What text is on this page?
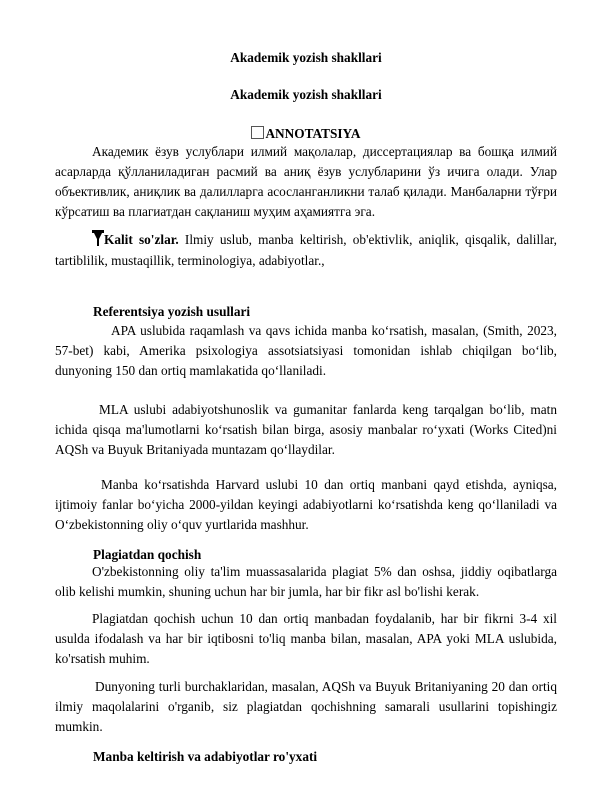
Akademik yozish shakllari
Akademik yozish shakllari
ANNOTATSIYA
Академик ёзув услублари илмий мақолалар, диссертациялар ва бошқа илмий асарларда қўлланиладиган расмий ва аниқ ёзув услубларини ўз ичига олади. Улар объективлик, аниқлик ва далилларга асосланганликни талаб қилади. Манбаларни тўғри кўрсатиш ва плагиатдан сақланиш муҳим аҳамиятга эга.
Kalit so'zlar. Ilmiy uslub, manba keltirish, ob'ektivlik, aniqlik, qisqalik, dalillar, tartiblilik, mustaqillik, terminologiya, adabiyotlar.,
Referentsiya yozish usullari
APA uslubida raqamlash va qavs ichida manba koʻrsatish, masalan, (Smith, 2023, 57-bet) kabi, Amerika psixologiya assotsiatsiyasi tomonidan ishlab chiqilgan boʻlib, dunyoning 150 dan ortiq mamlakatida qoʻllaniladi.
MLA uslubi adabiyotshunoslik va gumanitar fanlarda keng tarqalgan boʻlib, matn ichida qisqa ma'lumotlarni koʻrsatish bilan birga, asosiy manbalar roʻyxati (Works Cited)ni AQSh va Buyuk Britaniyada muntazam qoʻllaydilar.
Manba koʻrsatishda Harvard uslubi 10 dan ortiq manbani qayd etishda, ayniqsa, ijtimoiy fanlar boʻyicha 2000-yildan keyingi adabiyotlarni koʻrsatishda keng qoʻllaniladi va Oʻzbekistonning oliy oʻquv yurtlarida mashhur.
Plagiatdan qochish
O'zbekistonning oliy ta'lim muassasalarida plagiat 5% dan oshsa, jiddiy oqibatlarga olib kelishi mumkin, shuning uchun har bir jumla, har bir fikr asl bo'lishi kerak.
Plagiatdan qochish uchun 10 dan ortiq manbadan foydalanib, har bir fikrni 3-4 xil usulda ifodalash va har bir iqtibosni to'liq manba bilan, masalan, APA yoki MLA uslubida, ko'rsatish muhim.
Dunyoning turli burchaklaridan, masalan, AQSh va Buyuk Britaniyaning 20 dan ortiq ilmiy maqolalarini o'rganib, siz plagiatdan qochishning samarali usullarini topishingiz mumkin.
Manba keltirish va adabiyotlar ro'yxati
